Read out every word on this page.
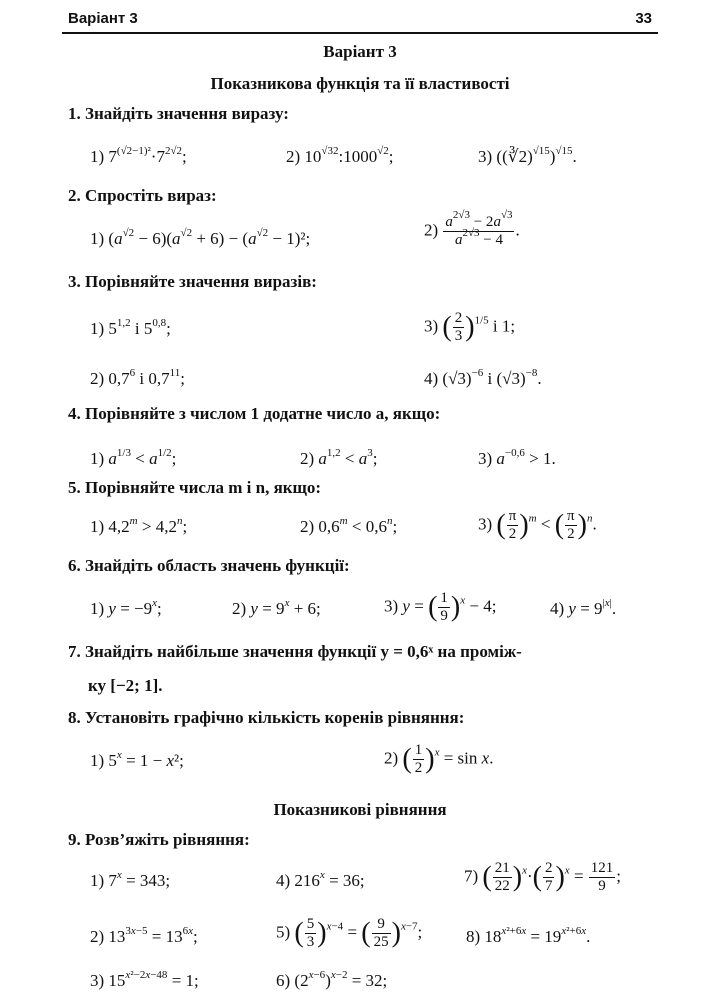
Варіант 3	33
Варіант 3
Показникова функція та її властивості
1. Знайдіть значення виразу:
1) $7^{(√2-1)^2}\cdot 7^{2√2}$;	2) $10^{√32}:1000^{√2}$;	3) ((∛2)$^{√15}$)$^{√15}$.
2. Спростіть вираз:
1) $(a^{√2} - 6)(a^{√2} + 6) - (a^{√2} - 1)^2$;	$2) \frac{a^{2√3} - 2a^{√3}}{a^{2√3} - 4}$ .
3. Порівняйте значення виразів:
1) 5$^{1,2}$ і 5$^{0,8}$;	3) ( $\frac{2}{3} )^{1/5}$ і 1;
2) $0,7^6$ і $0,7^{11}$;	4) $(√3)^{-6}$ і $(√3)^{-8}$.
4. Порівняйте з числом 1 додатне число a, якщо:
1) $a^{1/3} < a^{1/2}$;	2) $a^{1,2} < a^3$;	3) $a^{-0,6} > 1$.
5. Порівняйте числа m і n, якщо:
1) $4,2^m > 4,2^n$;	2) $0,6^m < 0,6^n$;	3) ( $\frac{\pi}{2} )^m$ < ( $\frac{\pi}{2} )^n$.
6. Знайдіть область значень функції:
1) $y = -9^x$;	2) $y = 9^x + 6$;	3) y = ( $\frac{1}{9} )^x - 4$;	4) $y = 9^{|x|}$.
7. Знайдіть найбільше значення функції y = 0,6ˣ на проміж-
ку [−2; 1].
8. Установіть графічно кількість коренів рівняння:
1) $5^x = 1 - x^2$;	2) ( $\frac{1}{2} )^x = \sin x$.
Показникові рівняння
9. Розв’яжіть рівняння:
1) $7^x = 343$;	4) $216^x = 36$;	7) ( $\frac{21}{22} )^x\cdot( \frac{2}{7} )^x = \frac{121}{9}$ ;
2) $13^{3x-5} = 13^{6x}$;	5) ( $\frac{5}{3} )^{x-4}$ = ( $\frac{9}{25} )^{x-7}$;	8) $18^{x^2+6x} = 19^{x^2+6x}$.
3) $15^{x^2-2x-48} = 1$;	6) $(2^{x-6})^{x-2} = 32$;
